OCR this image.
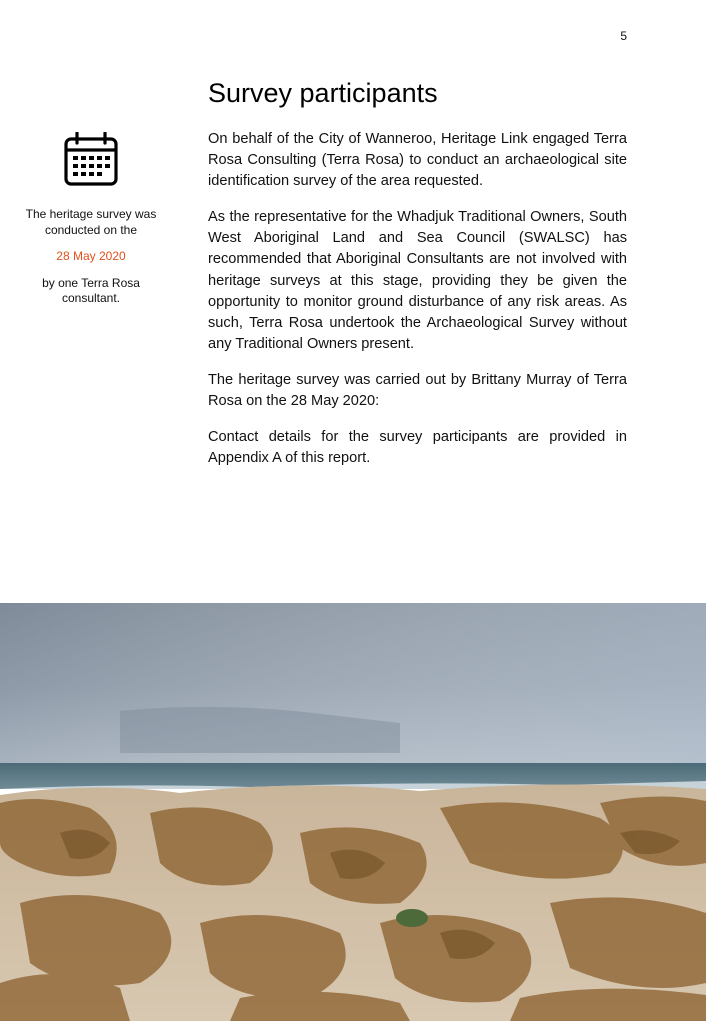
5
Survey participants

The heritage survey was conducted on the

28 May 2020

by one Terra Rosa consultant.

On behalf of the City of Wanneroo, Heritage Link engaged Terra Rosa Consulting (Terra Rosa) to conduct an archaeological site identification survey of the area requested.

As the representative for the Whadjuk Traditional Owners, South West Aboriginal Land and Sea Council (SWALSC) has recommended that Aboriginal Consultants are not involved with heritage surveys at this stage, providing they be given the opportunity to monitor ground disturbance of any risk areas. As such, Terra Rosa undertook the Archaeological Survey without any Traditional Owners present.

The heritage survey was carried out by Brittany Murray of Terra Rosa on the 28 May 2020:

Contact details for the survey participants are provided in Appendix A of this report.
